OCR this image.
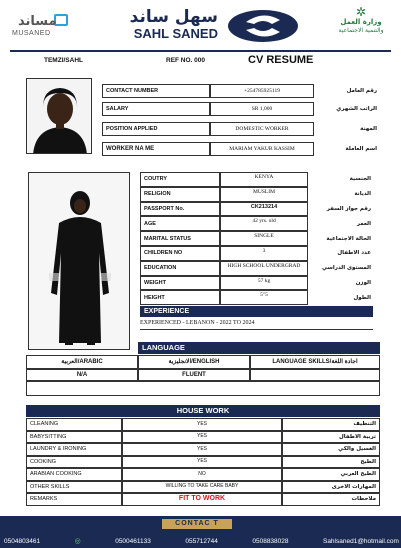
مساند
MUSANED
سهل ساند
SAHL SANED
✲
وزارة العمل
والتنمية الاجتماعية
TEMZI/SAHL	REF NO. 000	CV RESUME
CONTACT NUMBER	+254785925119	رقم العامل
SALARY	SR 1,000	الراتب الشهري
POSITION APPLIED	DOMESTIC WORKER	المهنة
WORKER NA ME	MARIAM YAKUB KASSIM	اسم العاملة
COUTRY	KENYA	الجنسية
RELIGION	MUSLIM	الديانة
PASSPORT No.	CK213214	رقم جواز السفر
AGE	42 yrs. old	العمر
MARITAL STATUS	SINGLE	الحالة الاجتماعية
CHILDREN NO	3	عدد الاطفال
EDUCATION	HIGH SCHOOL UNDERGRAD	المستوى الدراسي
WEIGHT	57 kg	الوزن
HEIGHT	5"5	الطول
EXPERIENCE
EXPERIENCED - LEBANON - 2022 TO 2024
LANGUAGE
العربية/ARABIC	الانجليزية/ENGLISH	LANGUAGE SKILLS/اجادة اللغة
N/A	FLUENT
HOUSE WORK
CLEANING	YES	التنظيف
BABYSITTING	YES	تربية الاطفال
LAUNDRY & IRONING	YES	الغسيل والكي
COOKING	YES	الطبخ
ARABIAN COOKING	NO	الطبخ العربي
OTHER SKILLS	WILLING TO TAKE CARE BABY	المهارات الاخرى
REMARKS	FIT TO WORK	ملاحظات
CONTAC T
0504803461	◎	0500461133	055712744	0508838028	Sahlsaned1@hotmail.com
